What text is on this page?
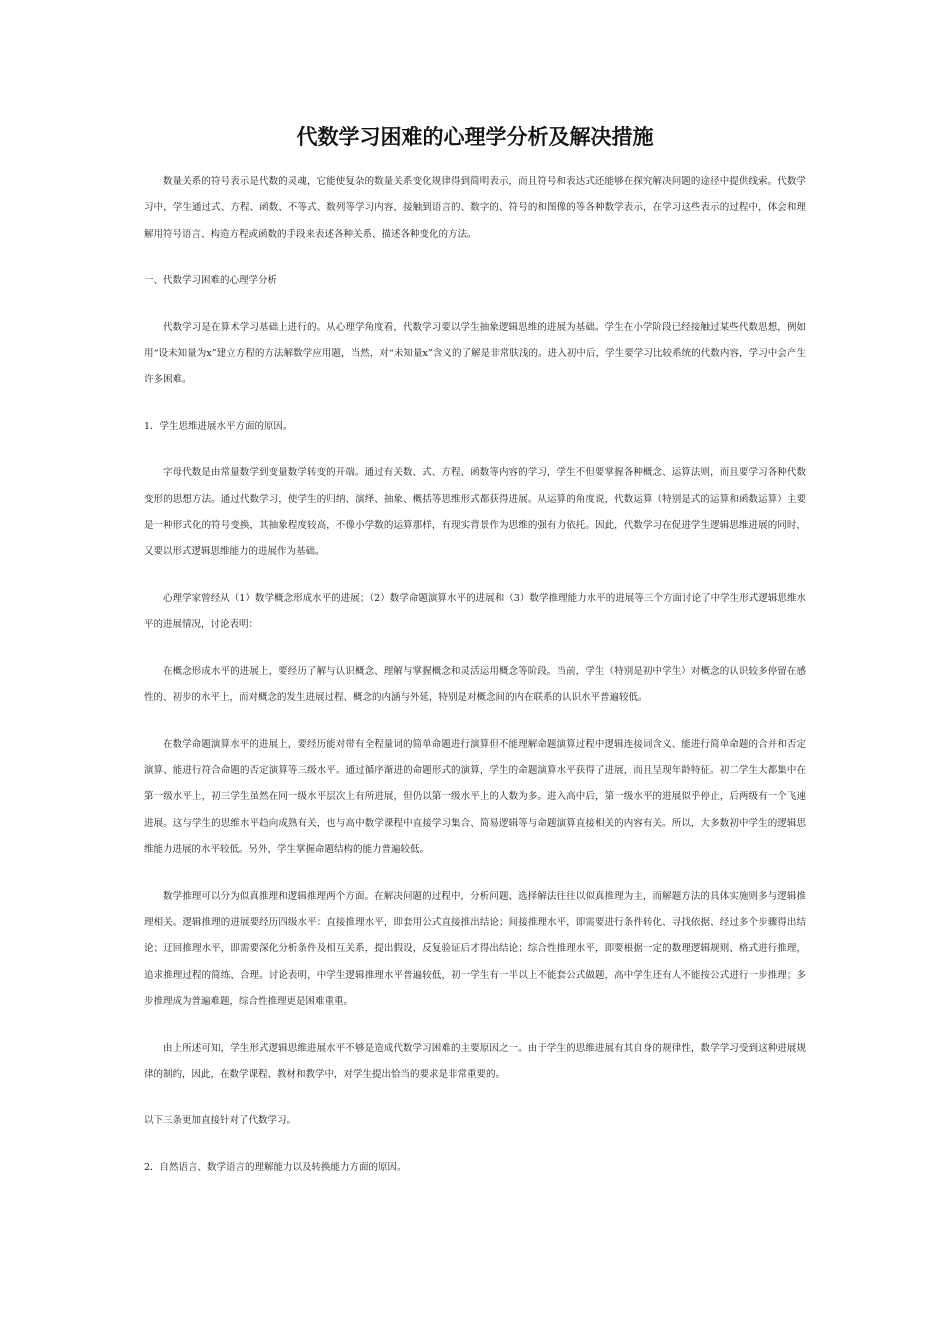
代数学习困难的心理学分析及解决措施

数量关系的符号表示是代数的灵魂，它能使复杂的数量关系变化规律得到简明表示，而且符号和表达式还能够在探究解决问题的途径中提供线索。代数学习中，学生通过式、方程、函数、不等式、数列等学习内容，接触到语言的、数字的、符号的和图像的等各种数学表示，在学习这些表示的过程中，体会和理解用符号语言、构造方程或函数的手段来表述各种关系、描述各种变化的方法。

一、代数学习困难的心理学分析

代数学习是在算术学习基础上进行的。从心理学角度看，代数学习要以学生抽象逻辑思维的进展为基础。学生在小学阶段已经接触过某些代数思想，例如用“设未知量为x”建立方程的方法解数学应用题，当然，对“未知量x”含义的了解是非常肤浅的。进入初中后，学生要学习比较系统的代数内容，学习中会产生许多困难。

1．学生思维进展水平方面的原因。

字母代数是由常量数学到变量数学转变的开端。通过有关数、式、方程、函数等内容的学习，学生不但要掌握各种概念、运算法则，而且要学习各种代数变形的思想方法。通过代数学习，使学生的归纳、演绎、抽象、概括等思维形式都获得进展。从运算的角度说，代数运算（特别是式的运算和函数运算）主要是一种形式化的符号变换，其抽象程度较高，不像小学数的运算那样，有现实背景作为思维的强有力依托。因此，代数学习在促进学生逻辑思维进展的同时，又要以形式逻辑思维能力的进展作为基础。

心理学家曾经从（1）数学概念形成水平的进展；（2）数学命题演算水平的进展和（3）数学推理能力水平的进展等三个方面讨论了中学生形式逻辑思维水平的进展情况，讨论表明：

在概念形成水平的进展上，要经历了解与认识概念、理解与掌握概念和灵活运用概念等阶段。当前，学生（特别是初中学生）对概念的认识较多停留在感性的、初步的水平上，而对概念的发生进展过程、概念的内涵与外延，特别是对概念间的内在联系的认识水平普遍较低。

在数学命题演算水平的进展上，要经历能对带有全程量词的简单命题进行演算但不能理解命题演算过程中逻辑连接词含义、能进行简单命题的合并和否定演算、能进行符合命题的否定演算等三级水平。通过循序渐进的命题形式的演算，学生的命题演算水平获得了进展，而且呈现年龄特征。初二学生大都集中在第一级水平上，初三学生虽然在同一级水平层次上有所进展，但仍以第一级水平上的人数为多。进入高中后，第一级水平的进展似乎停止，后两级有一个飞速进展。这与学生的思维水平趋向成熟有关，也与高中数学课程中直接学习集合、简易逻辑等与命题演算直接相关的内容有关。所以，大多数初中学生的逻辑思维能力进展的水平较低。另外，学生掌握命题结构的能力普遍较低。

数学推理可以分为似真推理和逻辑推理两个方面。在解决问题的过程中，分析问题、选择解法往往以似真推理为主，而解题方法的具体实施则多与逻辑推理相关。逻辑推理的进展要经历四级水平：直接推理水平，即套用公式直接推出结论；间接推理水平，即需要进行条件转化、寻找依据、经过多个步骤得出结论；迂回推理水平，即需要深化分析条件及相互关系，提出假设，反复验证后才得出结论；综合性推理水平，即要根据一定的数理逻辑规则、格式进行推理，追求推理过程的简练、合理。讨论表明，中学生逻辑推理水平普遍较低，初一学生有一半以上不能套公式做题，高中学生还有人不能按公式进行一步推理；多步推理成为普遍难题，综合性推理更是困难重重。

由上所述可知，学生形式逻辑思维进展水平不够是造成代数学习困难的主要原因之一。由于学生的思维进展有其自身的规律性，数学学习受到这种进展规律的制约，因此，在数学课程、教材和教学中，对学生提出恰当的要求是非常重要的。

以下三条更加直接针对了代数学习。

2．自然语言、数学语言的理解能力以及转换能力方面的原因。
